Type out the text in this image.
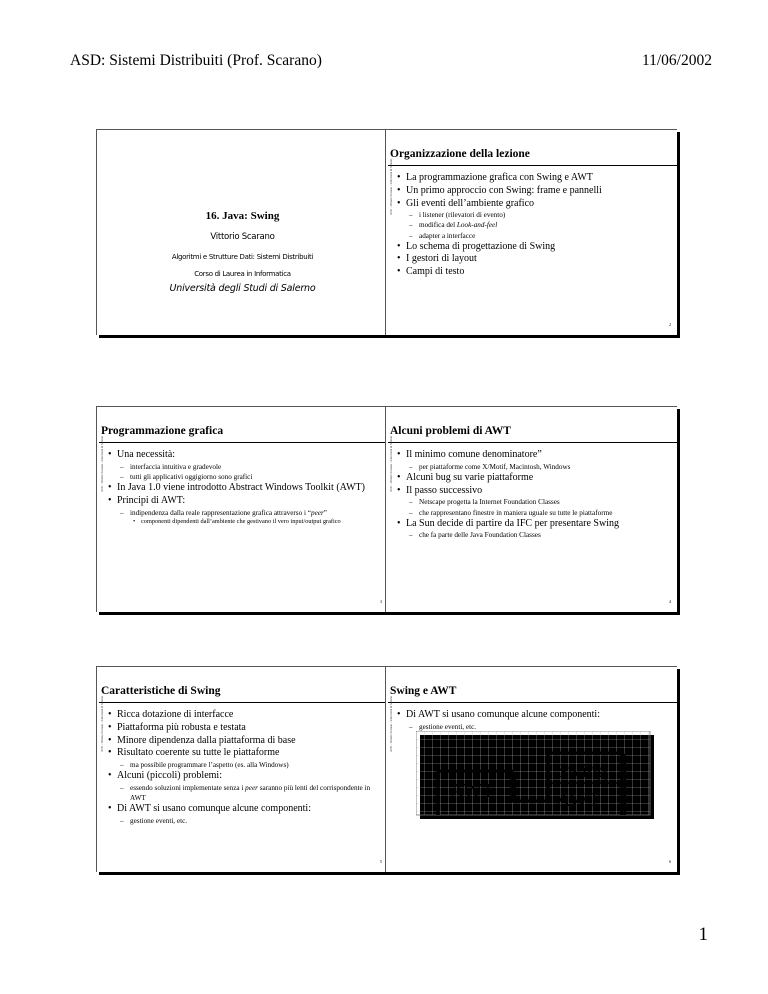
ASD: Sistemi Distribuiti (Prof. Scarano)	11/06/2002
16. Java: Swing
Vittorio Scarano
Algoritmi e Strutture Dati: Sistemi Distribuiti
Corso di Laurea in Informatica
Università degli Studi di Salerno
Organizzazione della lezione
ASD - Vittorio Scarano - Università di Salerno	• La programmazione grafica con Swing e AWT
• Un primo approccio con Swing: frame e pannelli
• Gli eventi dell’ambiente grafico
– i listener (rilevatori di evento)
– modifica del Look-and-feel
– adapter a interfacce
• Lo schema di progettazione di Swing
• I gestori di layout
• Campi di testo
2
Programmazione grafica
ASD - Vittorio Scarano - Università di Salerno	• Una necessità:
– interfaccia intuitiva e gradevole
– tutti gli applicativi oggigiorno sono grafici
• In Java 1.0 viene introdotto Abstract Windows Toolkit (AWT)
• Principi di AWT:
– indipendenza dalla reale rappresentazione grafica attraverso i “peer”
• componenti dipendenti dall’ambiente che gestivano il vero input/output grafico
3
Alcuni problemi di AWT
ASD - Vittorio Scarano - Università di Salerno	• Il minimo comune denominatore”
– per piattaforme come X/Motif, Macintosh, Windows
• Alcuni bug su varie piattaforme
• Il passo successivo
– Netscape progetta la Internet Foundation Classes
– che rappresentano finestre in maniera uguale su tutte le piattaforme
• La Sun decide di partire da IFC per presentare Swing
– che fa parte delle Java Foundation Classes
4
Caratteristiche di Swing
ASD - Vittorio Scarano - Università di Salerno	• Ricca dotazione di interfacce
• Piattaforma più robusta e testata
• Minore dipendenza dalla piattaforma di base
• Risultato coerente su tutte le piattaforme
– ma possibile programmare l’aspetto (es. alla Windows)
• Alcuni (piccoli) problemi:
– essendo soluzioni implementate senza i peer saranno più lenti del corrispondente in AWT
• Di AWT si usano comunque alcune componenti:
– gestione eventi, etc.
5
Swing e AWT
ASD - Vittorio Scarano - Università di Salerno	• Di AWT si usano comunque alcune componenti:
– gestione eventi, etc.
AWT
Swing
AWT
6
1
